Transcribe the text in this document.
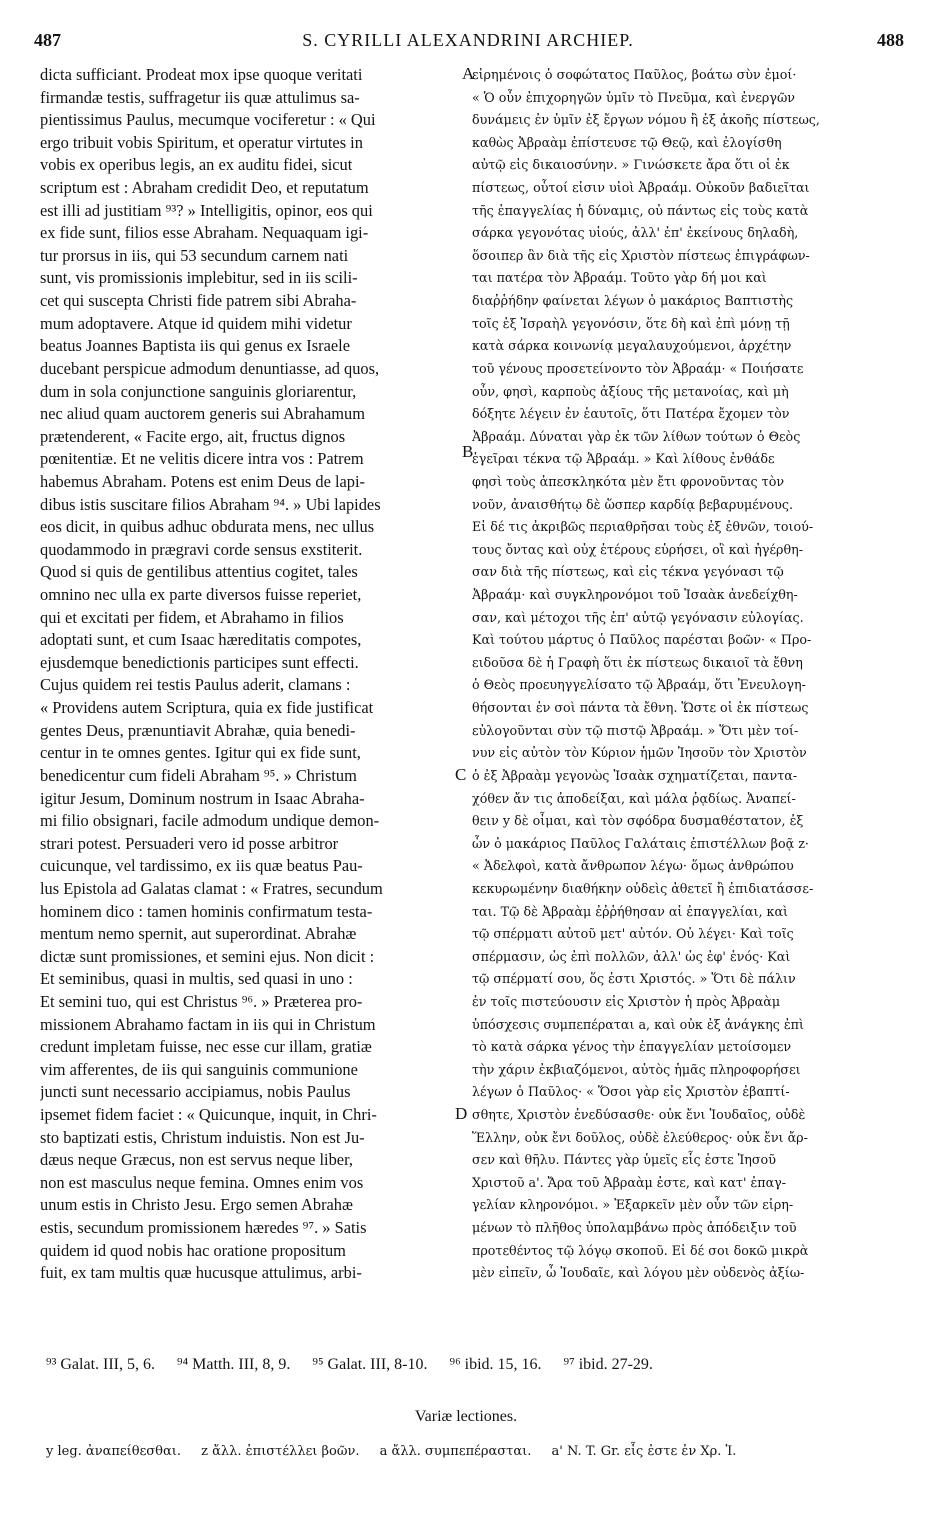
487	S. CYRILLI ALEXANDRINI ARCHIEP.	488
dicta sufficiant. Prodeat mox ipse quoque veritati
firmandæ testis, suffragetur iis quæ attulimus sa-
pientissimus Paulus, mecumque vociferetur : « Qui
ergo tribuit vobis Spiritum, et operatur virtutes in
vobis ex operibus legis, an ex auditu fidei, sicut
scriptum est : Abraham credidit Deo, et reputatum
est illi ad justitiam ⁹³? » Intelligitis, opinor, eos qui
ex fide sunt, filios esse Abraham. Nequaquam igi-
tur prorsus in iis, qui 53 secundum carnem nati
sunt, vis promissionis implebitur, sed in iis scili-
cet qui suscepta Christi fide patrem sibi Abraha-
mum adoptavere. Atque id quidem mihi videtur
beatus Joannes Baptista iis qui genus ex Israele
ducebant perspicue admodum denuntiasse, ad quos,
dum in sola conjunctione sanguinis gloriarentur,
nec aliud quam auctorem generis sui Abrahamum
prætenderent, « Facite ergo, ait, fructus dignos
pœnitentiæ. Et ne velitis dicere intra vos : Patrem
habemus Abraham. Potens est enim Deus de lapi-
dibus istis suscitare filios Abraham ⁹⁴. » Ubi lapides
eos dicit, in quibus adhuc obdurata mens, nec ullus
quodammodo in prægravi corde sensus exstiterit.
Quod si quis de gentilibus attentius cogitet, tales
omnino nec ulla ex parte diversos fuisse reperiet,
qui et excitati per fidem, et Abrahamo in filios
adoptati sunt, et cum Isaac hæreditatis compotes,
ejusdemque benedictionis participes sunt effecti.
Cujus quidem rei testis Paulus aderit, clamans :
« Providens autem Scriptura, quia ex fide justificat
gentes Deus, prænuntiavit Abrahæ, quia benedi-
centur in te omnes gentes. Igitur qui ex fide sunt,
benedicentur cum fideli Abraham ⁹⁵. » Christum
igitur Jesum, Dominum nostrum in Isaac Abraha-
mi filio obsignari, facile admodum undique demon-
strari potest. Persuaderi vero id posse arbitror
cuicunque, vel tardissimo, ex iis quæ beatus Pau-
lus Epistola ad Galatas clamat : « Fratres, secundum
hominem dico : tamen hominis confirmatum testa-
mentum nemo spernit, aut superordinat. Abrahæ
dictæ sunt promissiones, et semini ejus. Non dicit :
Et seminibus, quasi in multis, sed quasi in uno :
Et semini tuo, qui est Christus ⁹⁶. » Præterea pro-
missionem Abrahamo factam in iis qui in Christum
credunt impletam fuisse, nec esse cur illam, gratiæ
vim afferentes, de iis qui sanguinis communione
juncti sunt necessario accipiamus, nobis Paulus
ipsemet fidem faciet : « Quicunque, inquit, in Chri-
sto baptizati estis, Christum induistis. Non est Ju-
dæus neque Græcus, non est servus neque liber,
non est masculus neque femina. Omnes enim vos
unum estis in Christo Jesu. Ergo semen Abrahæ
estis, secundum promissionem hæredes ⁹⁷. » Satis
quidem id quod nobis hac oratione propositum
fuit, ex tam multis quæ hucusque attulimus, arbi-
εἰρημένοις ὁ σοφώτατος Παῦλος, βοάτω σὺν ἐμοί·
« Ὁ οὖν ἐπιχορηγῶν ὑμῖν τὸ Πνεῦμα, καὶ ἐνεργῶν
δυνάμεις ἐν ὑμῖν ἐξ ἔργων νόμου ἢ ἐξ ἀκοῆς πίστεως,
καθὼς Ἀβραὰμ ἐπίστευσε τῷ Θεῷ, καὶ ἐλογίσθη
αὐτῷ εἰς δικαιοσύνην. » Γινώσκετε ἄρα ὅτι οἱ ἐκ
πίστεως, οὗτοί εἰσιν υἱοὶ Ἀβραάμ. Οὐκοῦν βαδιεῖται
τῆς ἐπαγγελίας ἡ δύναμις, οὐ πάντως εἰς τοὺς κατὰ
σάρκα γεγονότας υἱούς, ἀλλ' ἐπ' ἐκείνους δηλαδὴ,
ὅσοιπερ ἂν διὰ τῆς εἰς Χριστὸν πίστεως ἐπιγράφων-
ται πατέρα τὸν Ἀβραάμ. Τοῦτο γὰρ δή μοι καὶ
διαῤῥήδην φαίνεται λέγων ὁ μακάριος Βαπτιστὴς
τοῖς ἐξ Ἰσραὴλ γεγονόσιν, ὅτε δὴ καὶ ἐπὶ μόνῃ τῇ
κατὰ σάρκα κοινωνίᾳ μεγαλαυχούμενοι, ἀρχέτην
τοῦ γένους προσετείνοντο τὸν Ἀβραάμ· « Ποιήσατε
οὖν, φησὶ, καρποὺς ἀξίους τῆς μετανοίας, καὶ μὴ
δόξητε λέγειν ἐν ἑαυτοῖς, ὅτι Πατέρα ἔχομεν τὸν
Ἀβραάμ. Δύναται γὰρ ἐκ τῶν λίθων τούτων ὁ Θεὸς
ἐγεῖραι τέκνα τῷ Ἀβραάμ. » Καὶ λίθους ἐνθάδε
φησὶ τοὺς ἀπεσκληκότα μὲν ἔτι φρονοῦντας τὸν
νοῦν, ἀναισθήτῳ δὲ ὥσπερ καρδίᾳ βεβαρυμένους.
Εἰ δέ τις ἀκριβῶς περιαθρῆσαι τοὺς ἐξ ἐθνῶν, τοιού-
τους ὄντας καὶ οὐχ ἑτέρους εὑρήσει, οἳ καὶ ἠγέρθη-
σαν διὰ τῆς πίστεως, καὶ εἰς τέκνα γεγόνασι τῷ
Ἀβραάμ· καὶ συγκληρονόμοι τοῦ Ἰσαὰκ ἀνεδείχθη-
σαν, καὶ μέτοχοι τῆς ἐπ' αὐτῷ γεγόνασιν εὐλογίας.
Καὶ τούτου μάρτυς ὁ Παῦλος παρέσται βοῶν· « Προ-
ειδοῦσα δὲ ἡ Γραφὴ ὅτι ἐκ πίστεως δικαιοῖ τὰ ἔθνη
ὁ Θεὸς προευηγγελίσατο τῷ Ἀβραάμ, ὅτι Ἐνευλογη-
θήσονται ἐν σοὶ πάντα τὰ ἔθνη. Ὥστε οἱ ἐκ πίστεως
εὐλογοῦνται σὺν τῷ πιστῷ Ἀβραάμ. » Ὅτι μὲν τοί-
νυν εἰς αὐτὸν τὸν Κύριον ἡμῶν Ἰησοῦν τὸν Χριστὸν
ὁ ἐξ Ἀβραὰμ γεγονὼς Ἰσαὰκ σχηματίζεται, παντα-
χόθεν ἄν τις ἀποδείξαι, καὶ μάλα ῥᾳδίως. Ἀναπεί-
θειν y δὲ οἶμαι, καὶ τὸν σφόδρα δυσμαθέστατον, ἐξ
ὧν ὁ μακάριος Παῦλος Γαλάταις ἐπιστέλλων βοᾷ z·
« Ἀδελφοὶ, κατὰ ἄνθρωπον λέγω· ὅμως ἀνθρώπου
κεκυρωμένην διαθήκην οὐδεὶς ἀθετεῖ ἢ ἐπιδιατάσσε-
ται. Τῷ δὲ Ἀβραὰμ ἐῤῥήθησαν αἱ ἐπαγγελίαι, καὶ
τῷ σπέρματι αὐτοῦ μετ' αὐτόν. Οὐ λέγει· Καὶ τοῖς
σπέρμασιν, ὡς ἐπὶ πολλῶν, ἀλλ' ὡς ἐφ' ἑνός· Καὶ
τῷ σπέρματί σου, ὅς ἐστι Χριστός. » Ὅτι δὲ πάλιν
ἐν τοῖς πιστεύουσιν εἰς Χριστὸν ἡ πρὸς Ἀβραὰμ
ὑπόσχεσις συμπεπέραται a, καὶ οὐκ ἐξ ἀνάγκης ἐπὶ
τὸ κατὰ σάρκα γένος τὴν ἐπαγγελίαν μετοίσομεν
τὴν χάριν ἐκβιαζόμενοι, αὐτὸς ἡμᾶς πληροφορήσει
λέγων ὁ Παῦλος· « Ὅσοι γὰρ εἰς Χριστὸν ἐβαπτί-
σθητε, Χριστὸν ἐνεδύσασθε· οὐκ ἔνι Ἰουδαῖος, οὐδὲ
Ἕλλην, οὐκ ἔνι δοῦλος, οὐδὲ ἐλεύθερος· οὐκ ἔνι ἄρ-
σεν καὶ θῆλυ. Πάντες γὰρ ὑμεῖς εἷς ἐστε Ἰησοῦ
Χριστοῦ a'. Ἄρα τοῦ Ἀβραὰμ ἐστε, καὶ κατ' ἐπαγ-
γελίαν κληρονόμοι. » Ἐξαρκεῖν μὲν οὖν τῶν εἰρη-
μένων τὸ πλῆθος ὑπολαμβάνω πρὸς ἀπόδειξιν τοῦ
προτεθέντος τῷ λόγῳ σκοποῦ. Εἰ δέ σοι δοκῶ μικρὰ
μὲν εἰπεῖν, ὦ Ἰουδαῖε, καὶ λόγου μὲν οὐδενὸς ἀξίω-
A
B
C
D
⁹³ Galat. III, 5, 6. ⁹⁴ Matth. III, 8, 9. ⁹⁵ Galat. III, 8-10. ⁹⁶ ibid. 15, 16. ⁹⁷ ibid. 27-29.
Variæ lectiones.
y leg. ἀναπείθεσθαι. z ἄλλ. ἐπιστέλλει βοῶν. a ἄλλ. συμπεπέρασται. a' N. T. Gr. εἷς ἐστε ἐν Χρ. Ἰ.
